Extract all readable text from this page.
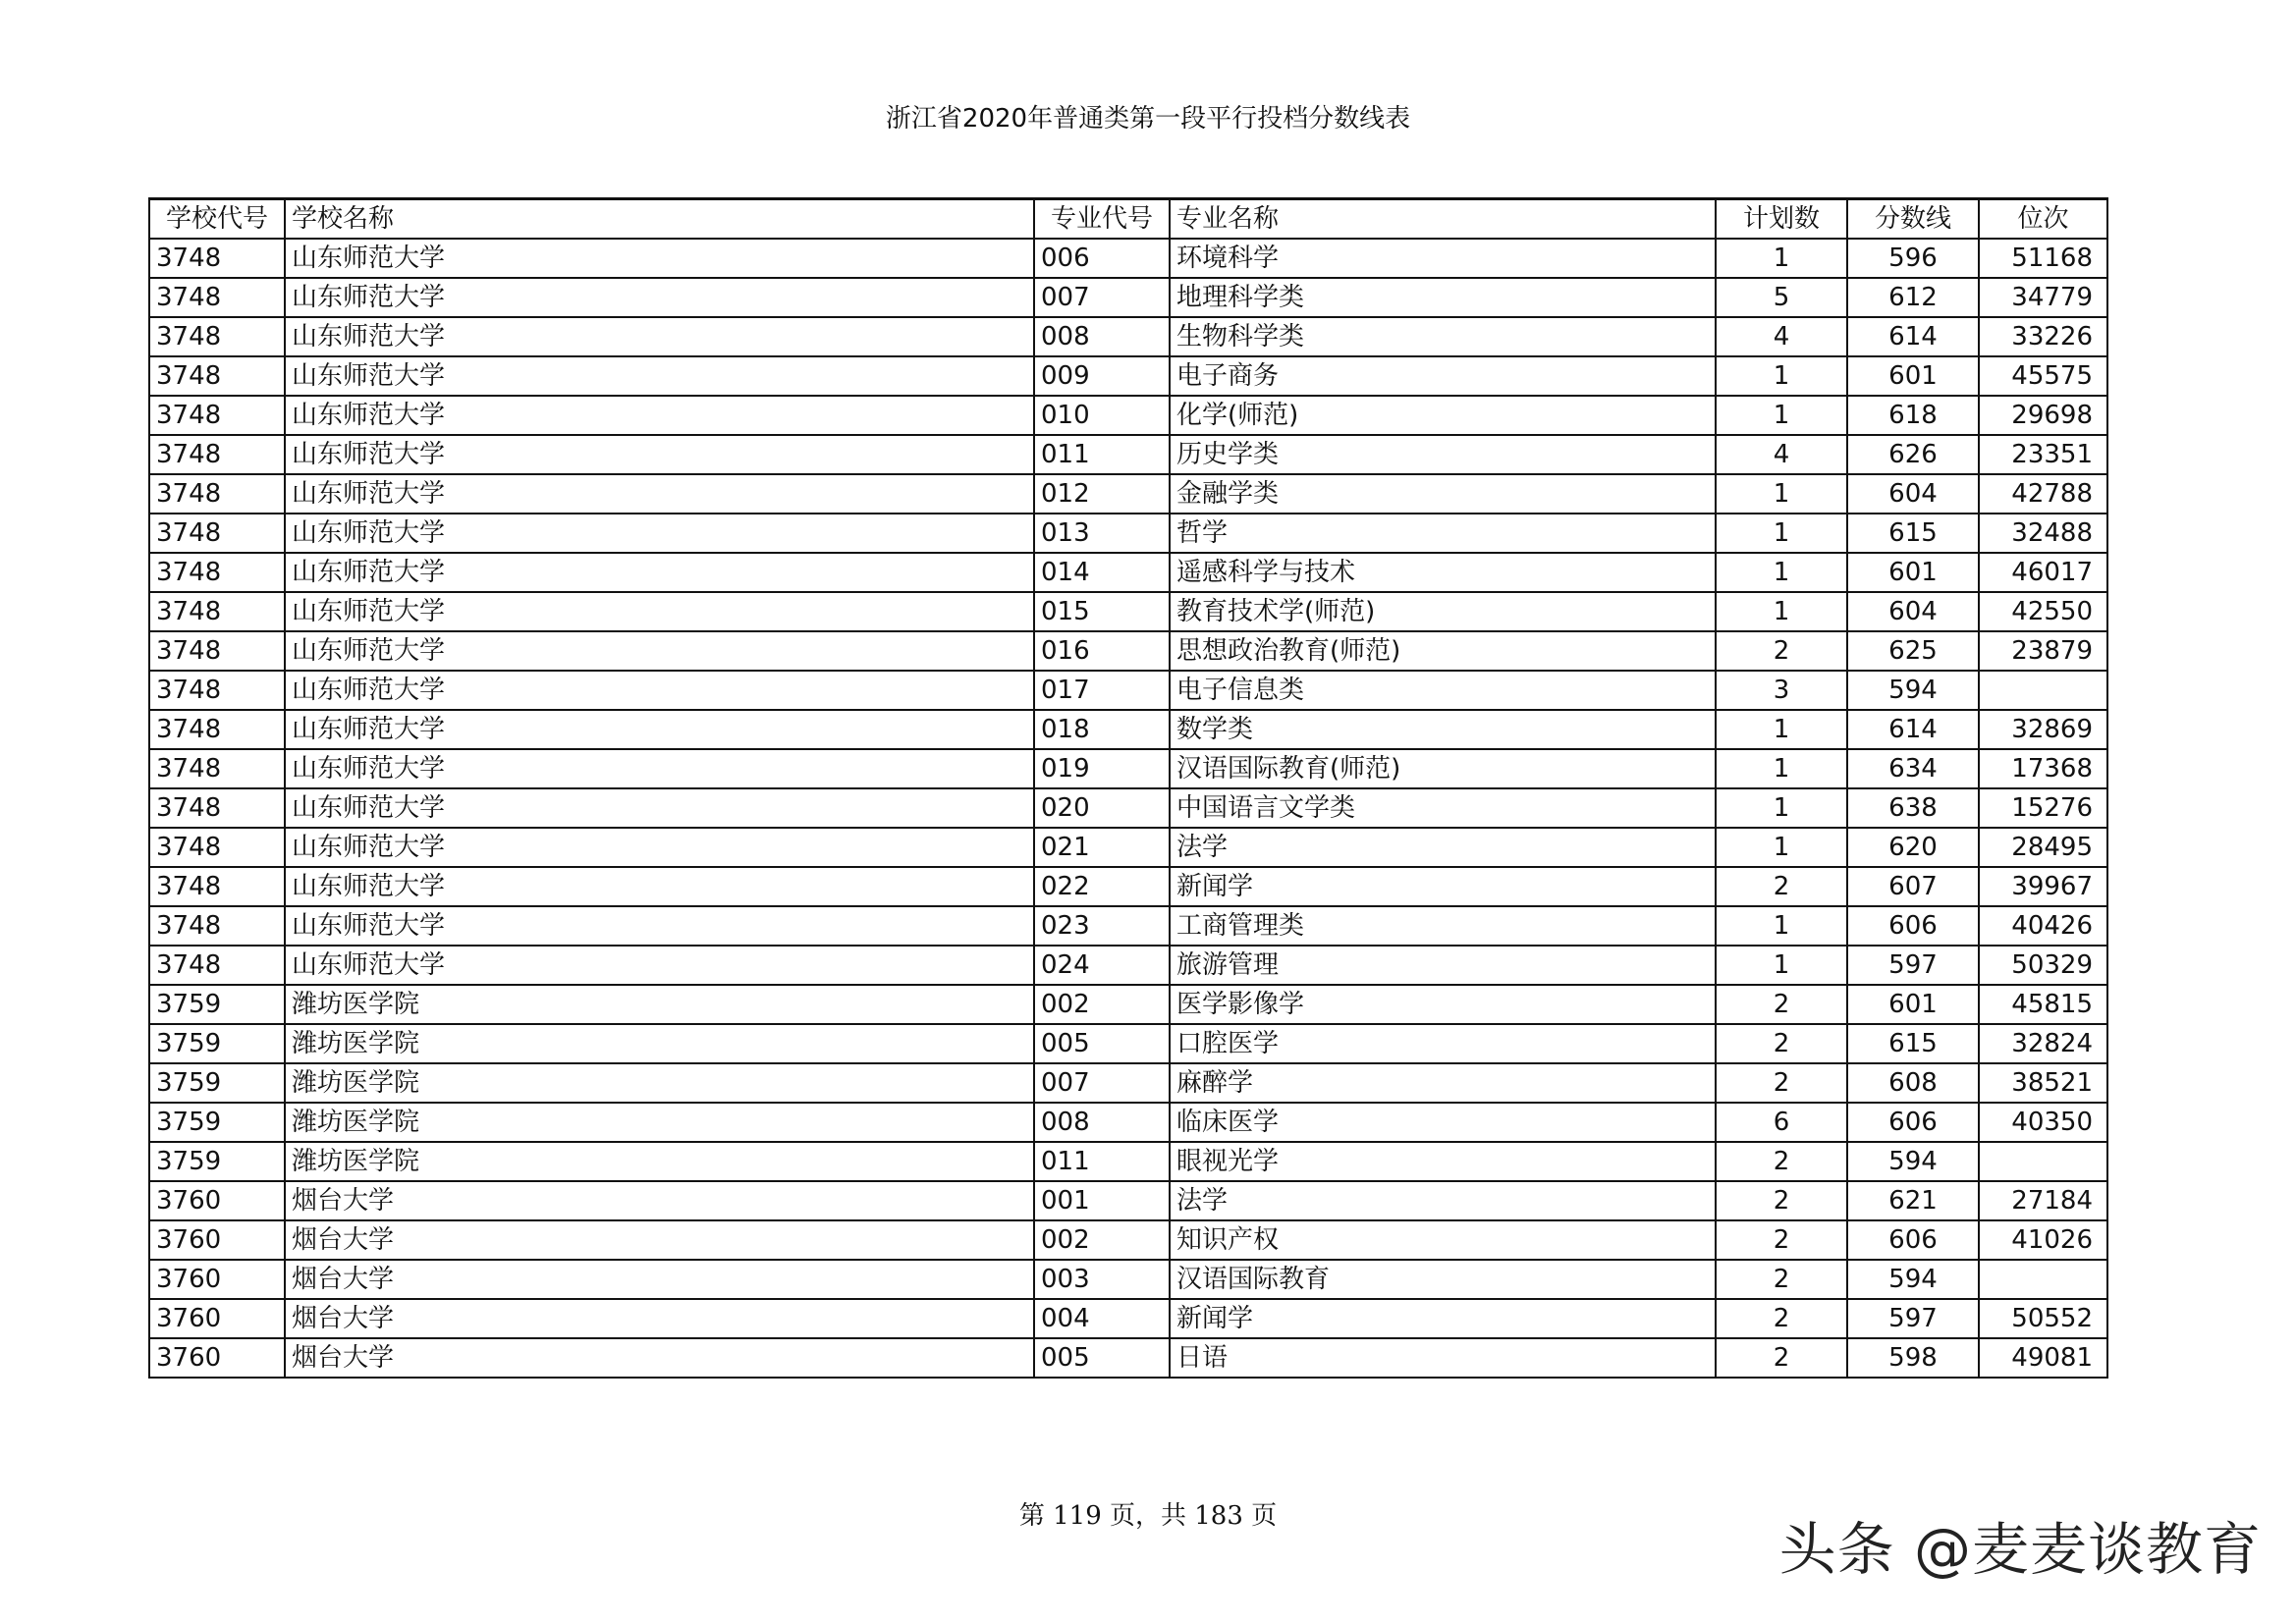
浙江省2020年普通类第一段平行投档分数线表
学校代号	学校名称	专业代号	专业名称	计划数	分数线	位次
3748	山东师范大学	006	环境科学	1	596	51168
3748	山东师范大学	007	地理科学类	5	612	34779
3748	山东师范大学	008	生物科学类	4	614	33226
3748	山东师范大学	009	电子商务	1	601	45575
3748	山东师范大学	010	化学(师范)	1	618	29698
3748	山东师范大学	011	历史学类	4	626	23351
3748	山东师范大学	012	金融学类	1	604	42788
3748	山东师范大学	013	哲学	1	615	32488
3748	山东师范大学	014	遥感科学与技术	1	601	46017
3748	山东师范大学	015	教育技术学(师范)	1	604	42550
3748	山东师范大学	016	思想政治教育(师范)	2	625	23879
3748	山东师范大学	017	电子信息类	3	594	
3748	山东师范大学	018	数学类	1	614	32869
3748	山东师范大学	019	汉语国际教育(师范)	1	634	17368
3748	山东师范大学	020	中国语言文学类	1	638	15276
3748	山东师范大学	021	法学	1	620	28495
3748	山东师范大学	022	新闻学	2	607	39967
3748	山东师范大学	023	工商管理类	1	606	40426
3748	山东师范大学	024	旅游管理	1	597	50329
3759	潍坊医学院	002	医学影像学	2	601	45815
3759	潍坊医学院	005	口腔医学	2	615	32824
3759	潍坊医学院	007	麻醉学	2	608	38521
3759	潍坊医学院	008	临床医学	6	606	40350
3759	潍坊医学院	011	眼视光学	2	594	
3760	烟台大学	001	法学	2	621	27184
3760	烟台大学	002	知识产权	2	606	41026
3760	烟台大学	003	汉语国际教育	2	594	
3760	烟台大学	004	新闻学	2	597	50552
3760	烟台大学	005	日语	2	598	49081
第 119 页，共 183 页	头条 @麦麦谈教育
